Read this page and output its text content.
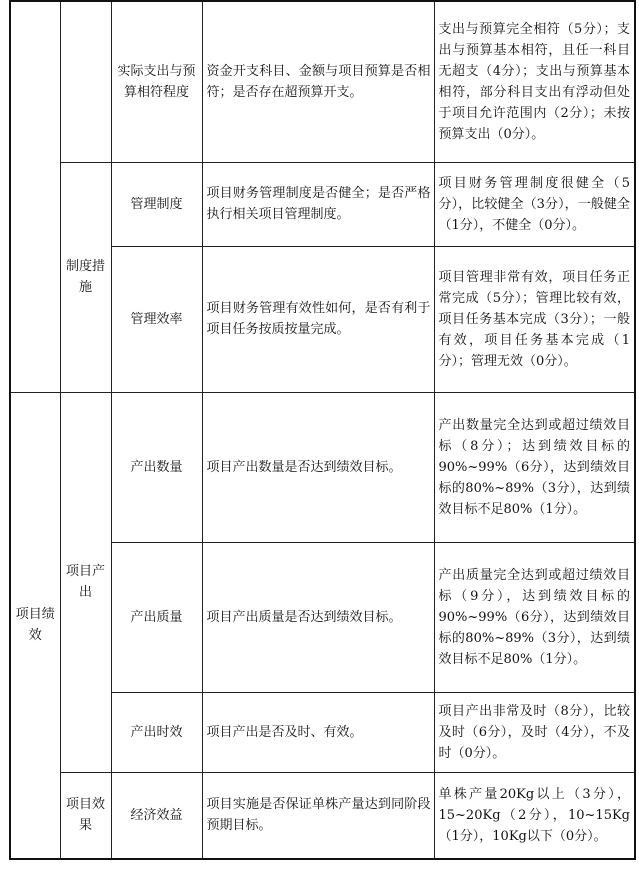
		实际支出与预算相符程度	资金开支科目、金额与项目预算是否相符；是否存在超预算开支。	支出与预算完全相符（5分）；支出与预算基本相符，且任一科目无超支（4分）；支出与预算基本相符，部分科目支出有浮动但处于项目允许范围内（2分）；未按预算支出（0分）。

	制度措施	管理制度	项目财务管理制度是否健全；是否严格执行相关项目管理制度。	项目财务管理制度很健全（5分），比较健全（3分），一般健全（1分），不健全（0分）。

		管理效率	项目财务管理有效性如何，是否有利于项目任务按质按量完成。	项目管理非常有效，项目任务正常完成（5分）；管理比较有效，项目任务基本完成（3分）；一般有效，项目任务基本完成（1分）；管理无效（0分）。

项目绩效	项目产出	产出数量	项目产出数量是否达到绩效目标。	产出数量完全达到或超过绩效目标（8分）；达到绩效目标的90%~99%（6分），达到绩效目标的80%~89%（3分），达到绩效目标不足80%（1分）。

		产出质量	项目产出质量是否达到绩效目标。	产出质量完全达到或超过绩效目标（9分），达到绩效目标的90%~99%（6分），达到绩效目标的80%~89%（3分），达到绩效目标不足80%（1分）。

		产出时效	项目产出是否及时、有效。	项目产出非常及时（8分），比较及时（6分），及时（4分），不及时（0分）。

	项目效果	经济效益	项目实施是否保证单株产量达到同阶段预期目标。	单株产量20Kg以上（3分），15~20Kg（2分），10~15Kg（1分），10Kg以下（0分）。
